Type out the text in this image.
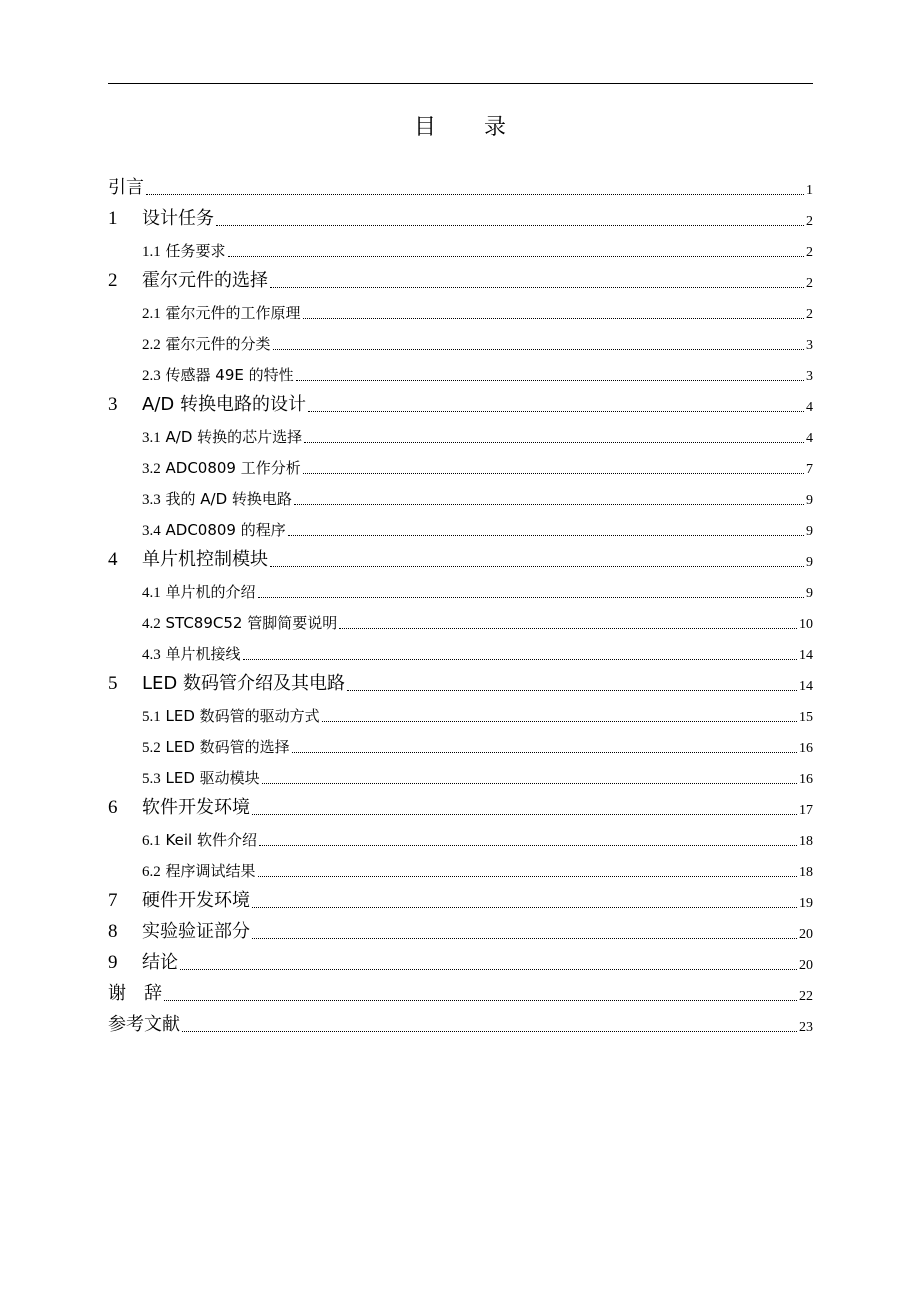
目 录
引言	1
1 设计任务	2
1.1 任务要求	2
2 霍尔元件的选择	2
2.1 霍尔元件的工作原理	2
2.2 霍尔元件的分类	3
2.3 传感器 49E 的特性	3
3 A/D 转换电路的设计	4
3.1 A/D 转换的芯片选择	4
3.2 ADC0809 工作分析	7
3.3 我的 A/D 转换电路	9
3.4 ADC0809 的程序	9
4 单片机控制模块	9
4.1 单片机的介绍	9
4.2 STC89C52 管脚简要说明	10
4.3 单片机接线	14
5 LED 数码管介绍及其电路	14
5.1 LED 数码管的驱动方式	15
5.2 LED 数码管的选择	16
5.3 LED 驱动模块	16
6 软件开发环境	17
6.1 Keil 软件介绍	18
6.2 程序调试结果	18
7 硬件开发环境	19
8 实验验证部分	20
9 结论	20
谢　辞	22
参考文献	23
